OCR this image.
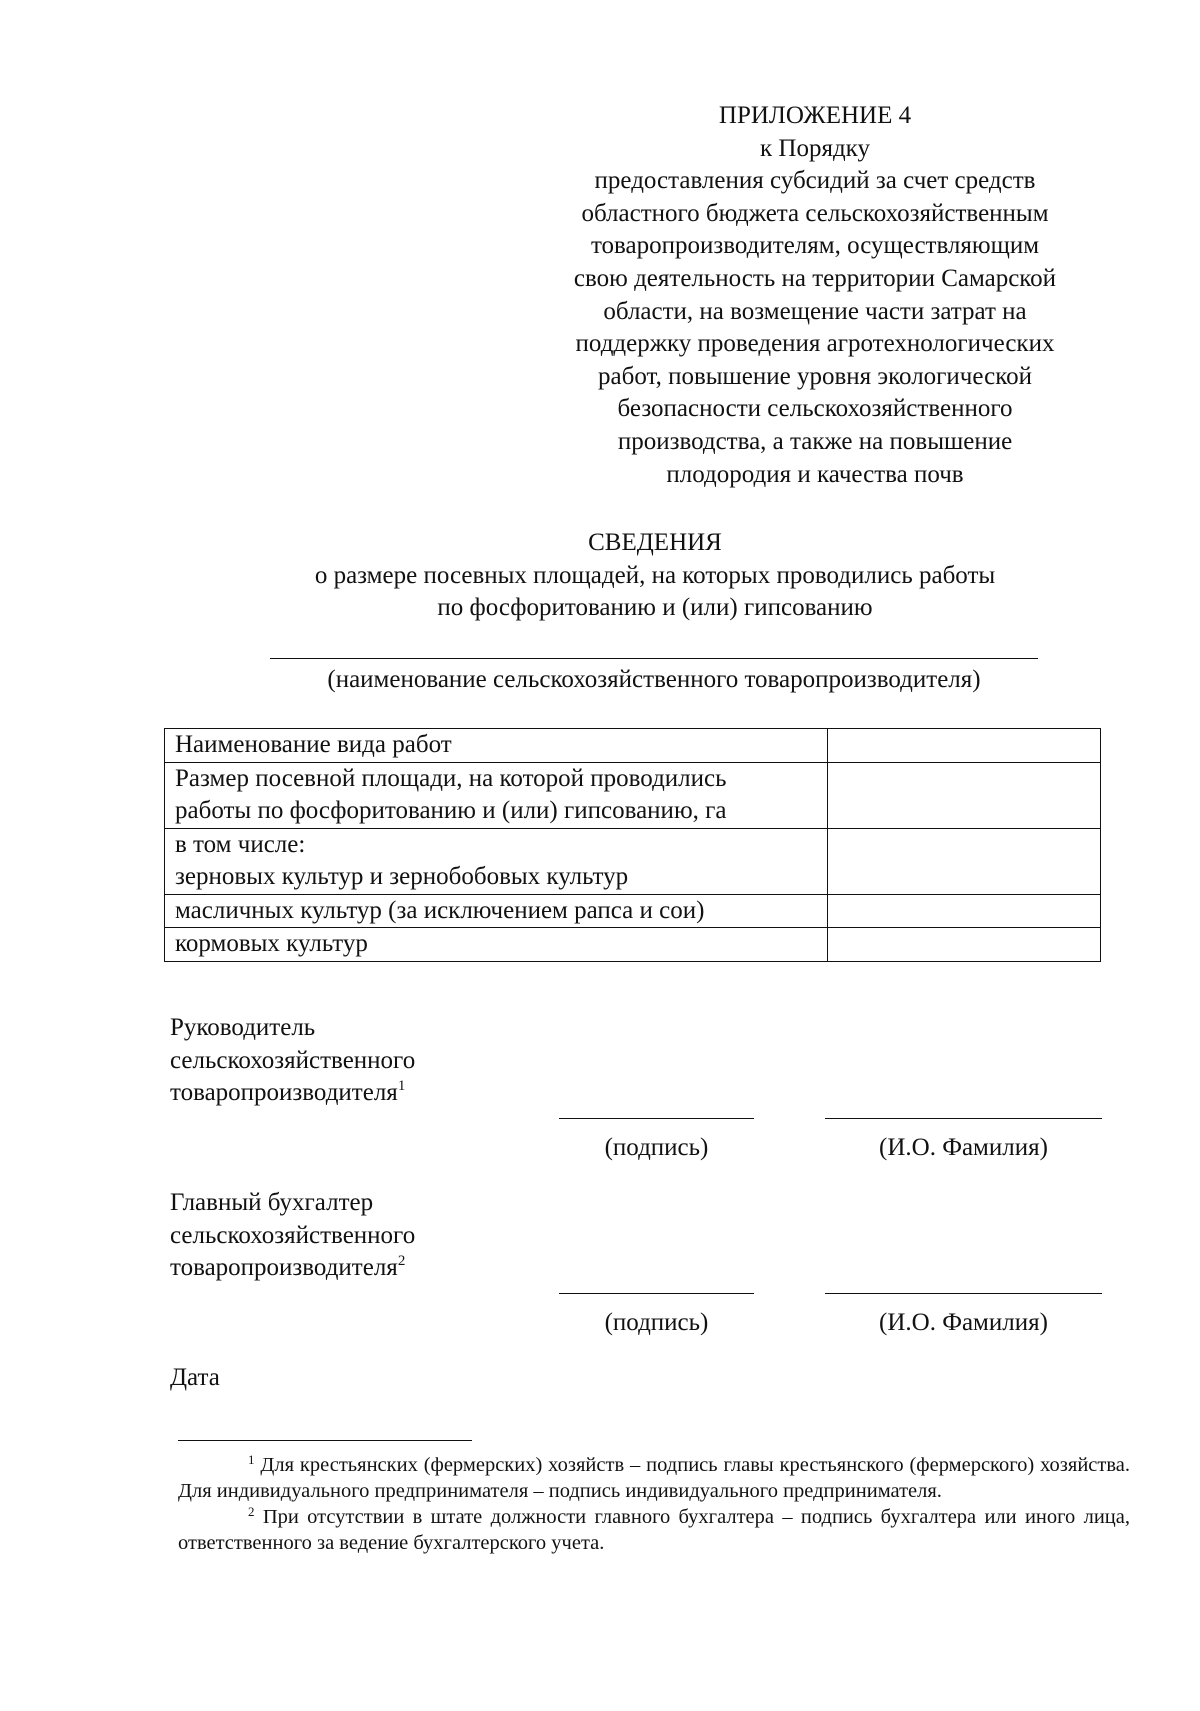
ПРИЛОЖЕНИЕ 4
к Порядку
предоставления субсидий за счет средств
областного бюджета сельскохозяйственным
товаропроизводителям, осуществляющим
свою деятельность на территории Самарской
области, на возмещение части затрат на
поддержку проведения агротехнологических
работ, повышение уровня экологической
безопасности сельскохозяйственного
производства, а также на повышение
плодородия и качества почв
СВЕДЕНИЯ
о размере посевных площадей, на которых проводились работы
по фосфоритованию и (или) гипсованию
(наименование сельскохозяйственного товаропроизводителя)
Наименование вида работ	

Размер посевной площади, на которой проводились
работы по фосфоритованию и (или) гипсованию, га	

в том числе:
зерновых культур и зернобобовых культур	

масличных культур (за исключением рапса и сои)	

кормовых культур	

Руководитель
сельскохозяйственного
товаропроизводителя$^1$
(подпись)	(И.О. Фамилия)
Главный бухгалтер
сельскохозяйственного
товаропроизводителя$^2$
(подпись)	(И.О. Фамилия)
Дата

$^1$ Для крестьянских (фермерских) хозяйств – подпись главы крестьянского (фермерского) хозяйства. Для индивидуального предпринимателя – подпись индивидуального предпринимателя.

$^2$ При отсутствии в штате должности главного бухгалтера – подпись бухгалтера или иного лица, ответственного за ведение бухгалтерского учета.
